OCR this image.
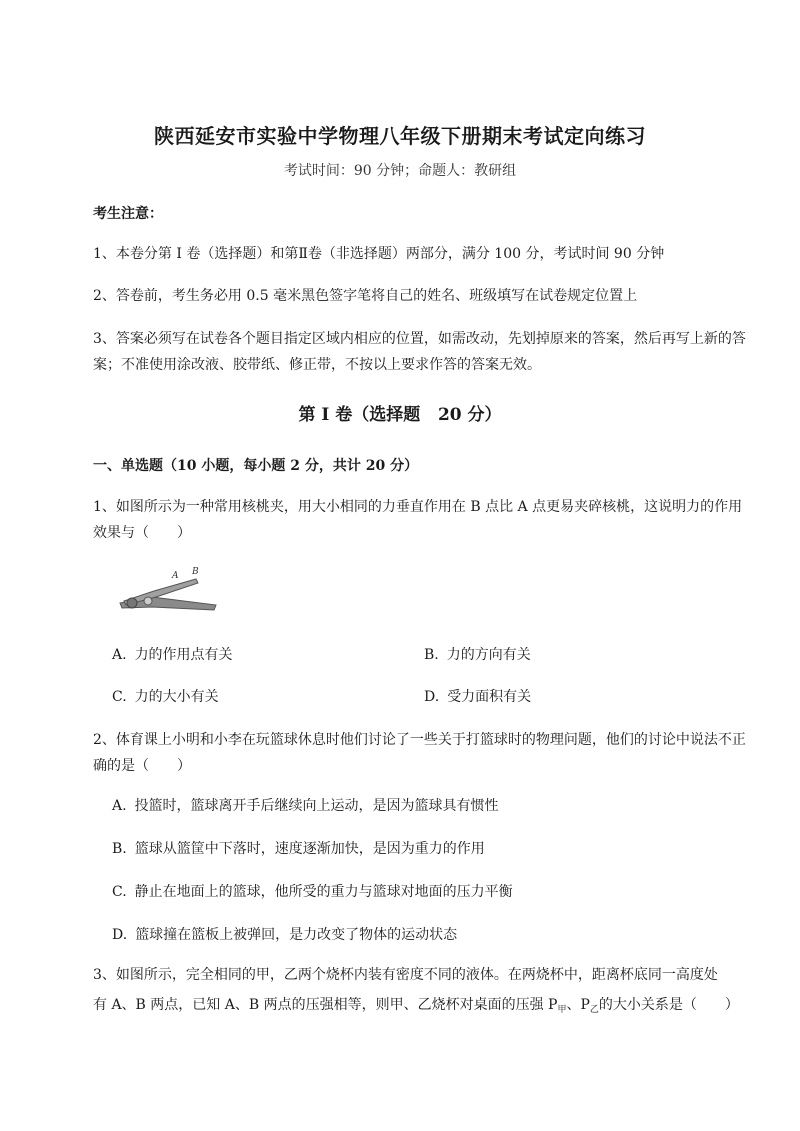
陕西延安市实验中学物理八年级下册期末考试定向练习
考试时间：90 分钟；命题人：教研组
考生注意：
1、本卷分第 I 卷（选择题）和第Ⅱ卷（非选择题）两部分，满分 100 分，考试时间 90 分钟
2、答卷前，考生务必用 0.5 毫米黑色签字笔将自己的姓名、班级填写在试卷规定位置上
3、答案必须写在试卷各个题目指定区域内相应的位置，如需改动，先划掉原来的答案，然后再写上新的答案；不准使用涂改液、胶带纸、修正带，不按以上要求作答的答案无效。
第 I 卷（选择题   20 分）
一、单选题（10 小题，每小题 2 分，共计 20 分）
1、如图所示为一种常用核桃夹，用大小相同的力垂直作用在 B 点比 A 点更易夹碎核桃，这说明力的作用效果与（　　）
A B
A. 力的作用点有关	B. 力的方向有关
C. 力的大小有关	D. 受力面积有关
2、体育课上小明和小李在玩篮球休息时他们讨论了一些关于打篮球时的物理问题，他们的讨论中说法不正确的是（　　）
A. 投篮时，篮球离开手后继续向上运动，是因为篮球具有惯性
B. 篮球从篮筐中下落时，速度逐渐加快，是因为重力的作用
C. 静止在地面上的篮球，他所受的重力与篮球对地面的压力平衡
D. 篮球撞在篮板上被弹回，是力改变了物体的运动状态
3、如图所示，完全相同的甲，乙两个烧杯内装有密度不同的液体。在两烧杯中，距离杯底同一高度处
有 A、B 两点，已知 A、B 两点的压强相等，则甲、乙烧杯对桌面的压强 $P_甲$、$P_乙$的大小关系是（　　）
